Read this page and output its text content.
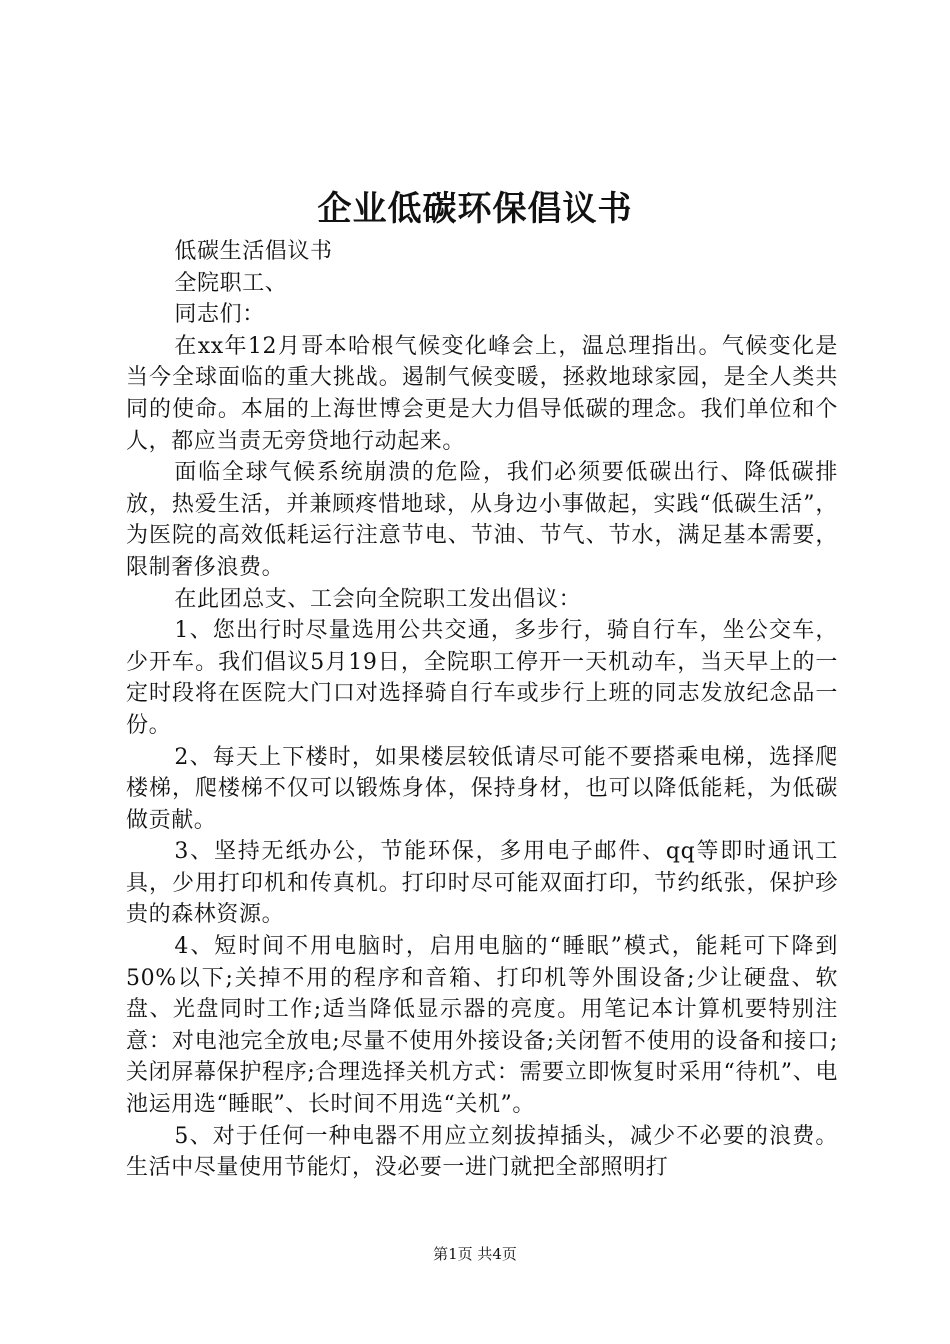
企业低碳环保倡议书

低碳生活倡议书

全院职工、

同志们：

在xx年12月哥本哈根气候变化峰会上，温总理指出。气候变化是当今全球面临的重大挑战。遏制气候变暖，拯救地球家园，是全人类共同的使命。本届的上海世博会更是大力倡导低碳的理念。我们单位和个人，都应当责无旁贷地行动起来。

面临全球气候系统崩溃的危险，我们必须要低碳出行、降低碳排放，热爱生活，并兼顾疼惜地球，从身边小事做起，实践“低碳生活”，为医院的高效低耗运行注意节电、节油、节气、节水，满足基本需要，限制奢侈浪费。

在此团总支、工会向全院职工发出倡议：

1、您出行时尽量选用公共交通，多步行，骑自行车，坐公交车，少开车。我们倡议5月19日，全院职工停开一天机动车，当天早上的一定时段将在医院大门口对选择骑自行车或步行上班的同志发放纪念品一份。

2、每天上下楼时，如果楼层较低请尽可能不要搭乘电梯，选择爬楼梯，爬楼梯不仅可以锻炼身体，保持身材，也可以降低能耗，为低碳做贡献。

3、坚持无纸办公，节能环保，多用电子邮件、qq等即时通讯工具，少用打印机和传真机。打印时尽可能双面打印，节约纸张，保护珍贵的森林资源。

4、短时间不用电脑时，启用电脑的“睡眠”模式，能耗可下降到50%以下;关掉不用的程序和音箱、打印机等外围设备;少让硬盘、软盘、光盘同时工作;适当降低显示器的亮度。用笔记本计算机要特别注意：对电池完全放电;尽量不使用外接设备;关闭暂不使用的设备和接口;关闭屏幕保护程序;合理选择关机方式：需要立即恢复时采用“待机”、电池运用选“睡眠”、长时间不用选“关机”。

5、对于任何一种电器不用应立刻拔掉插头，减少不必要的浪费。生活中尽量使用节能灯，没必要一进门就把全部照明打

第1页 共4页
